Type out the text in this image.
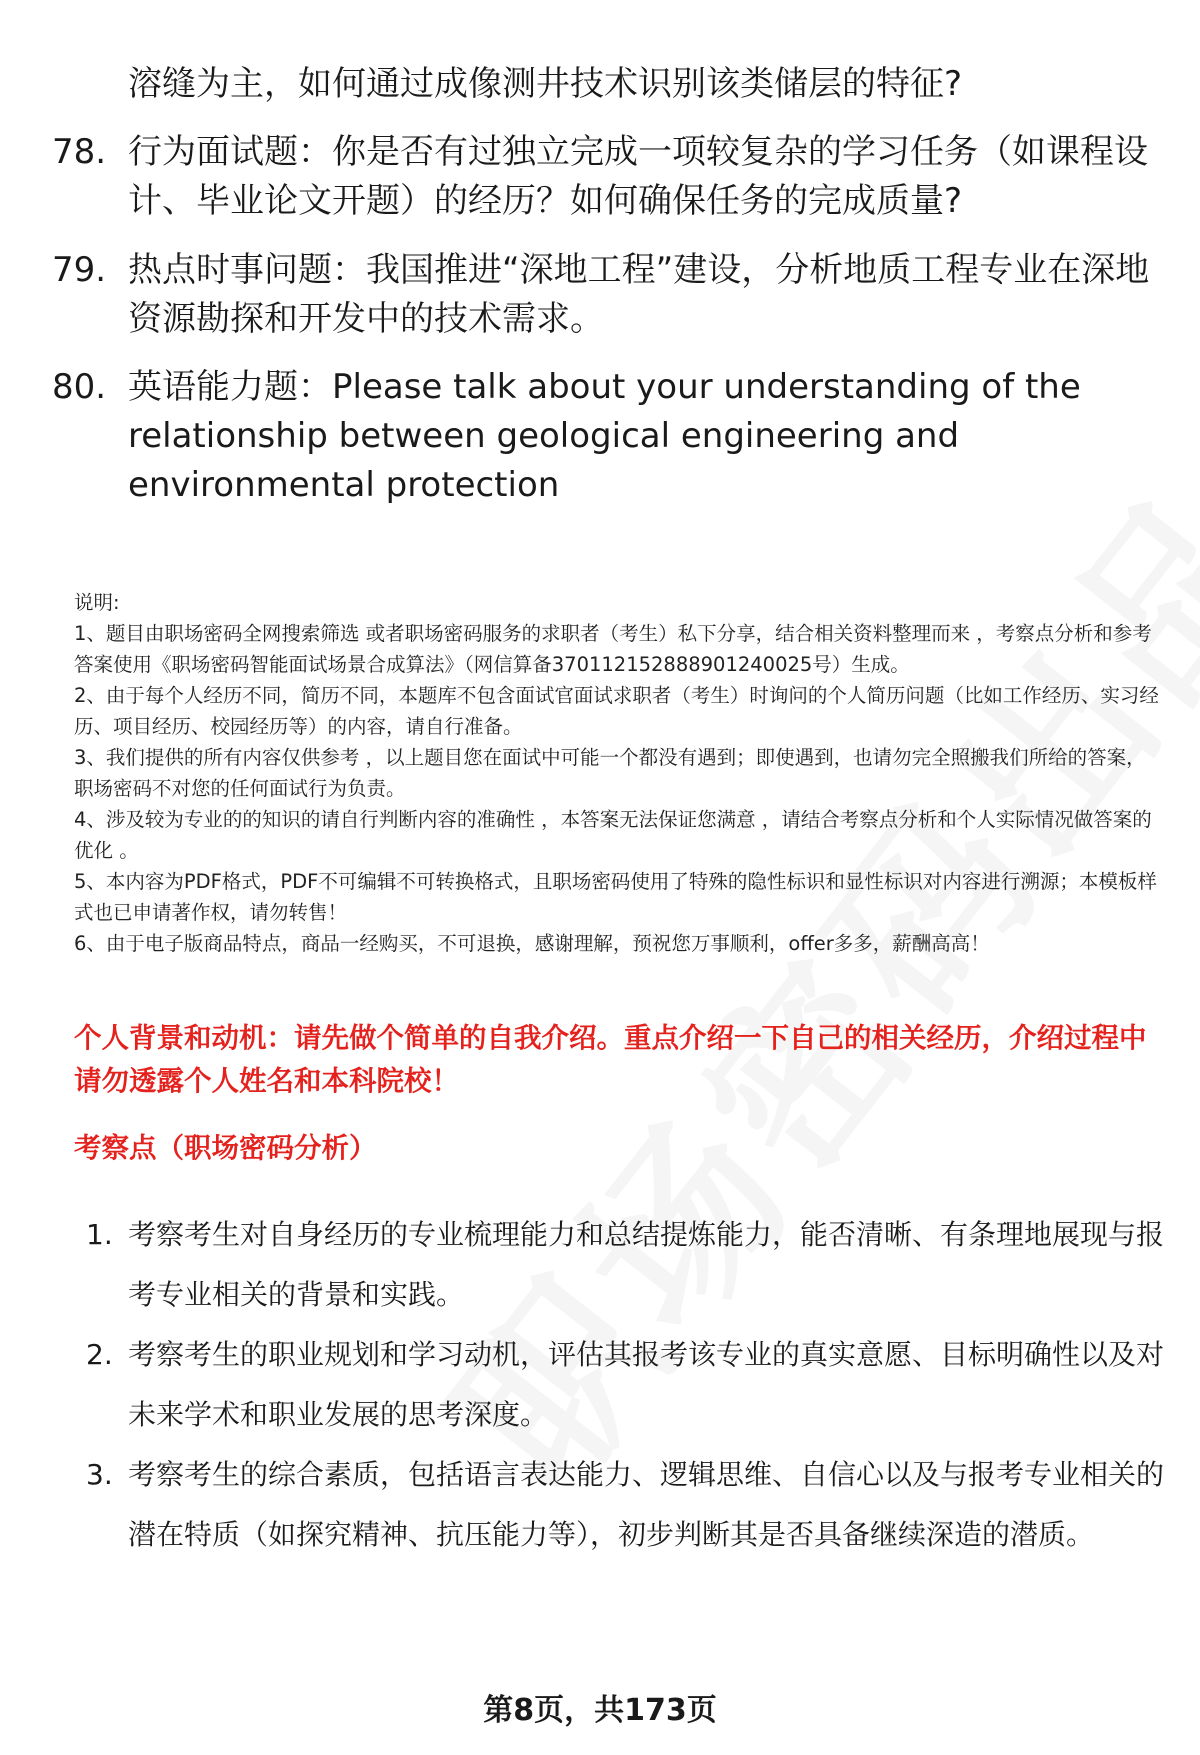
溶缝为主，如何通过成像测井技术识别该类储层的特征?
78. 行为面试题：你是否有过独立完成一项较复杂的学习任务（如课程设计、毕业论文开题）的经历？如何确保任务的完成质量?
79. 热点时事问题：我国推进“深地工程”建设，分析地质工程专业在深地资源勘探和开发中的技术需求。
80. 英语能力题：Please talk about your understanding of the relationship between geological engineering and environmental protection

说明:

1、题目由职场密码全网搜索筛选 或者职场密码服务的求职者（考生）私下分享，结合相关资料整理而来 ，考察点分析和参考答案使用《职场密码智能面试场景合成算法》（网信算备370112152888901240025号）生成。

2、由于每个人经历不同，简历不同，本题库不包含面试官面试求职者（考生）时询问的个人简历问题（比如工作经历、实习经历、项目经历、校园经历等）的内容，请自行准备。

3、我们提供的所有内容仅供参考 ，以上题目您在面试中可能一个都没有遇到；即使遇到，也请勿完全照搬我们所给的答案，职场密码不对您的任何面试行为负责。

4、涉及较为专业的的知识的请自行判断内容的准确性 ，本答案无法保证您满意 ，请结合考察点分析和个人实际情况做答案的优化 。

5、本内容为PDF格式，PDF不可编辑不可转换格式，且职场密码使用了特殊的隐性标识和显性标识对内容进行溯源；本模板样式也已申请著作权，请勿转售！

6、由于电子版商品特点，商品一经购买，不可退换，感谢理解，预祝您万事顺利，offer多多，薪酬高高！

个人背景和动机：请先做个简单的自我介绍。重点介绍一下自己的相关经历，介绍过程中请勿透露个人姓名和本科院校！
考察点（职场密码分析）
1. 考察考生对自身经历的专业梳理能力和总结提炼能力，能否清晰、有条理地展现与报考专业相关的背景和实践。
2. 考察考生的职业规划和学习动机，评估其报考该专业的真实意愿、目标明确性以及对未来学术和职业发展的思考深度。
3. 考察考生的综合素质，包括语言表达能力、逻辑思维、自信心以及与报考专业相关的潜在特质（如探究精神、抗压能力等），初步判断其是否具备继续深造的潜质。
第8页，共173页
